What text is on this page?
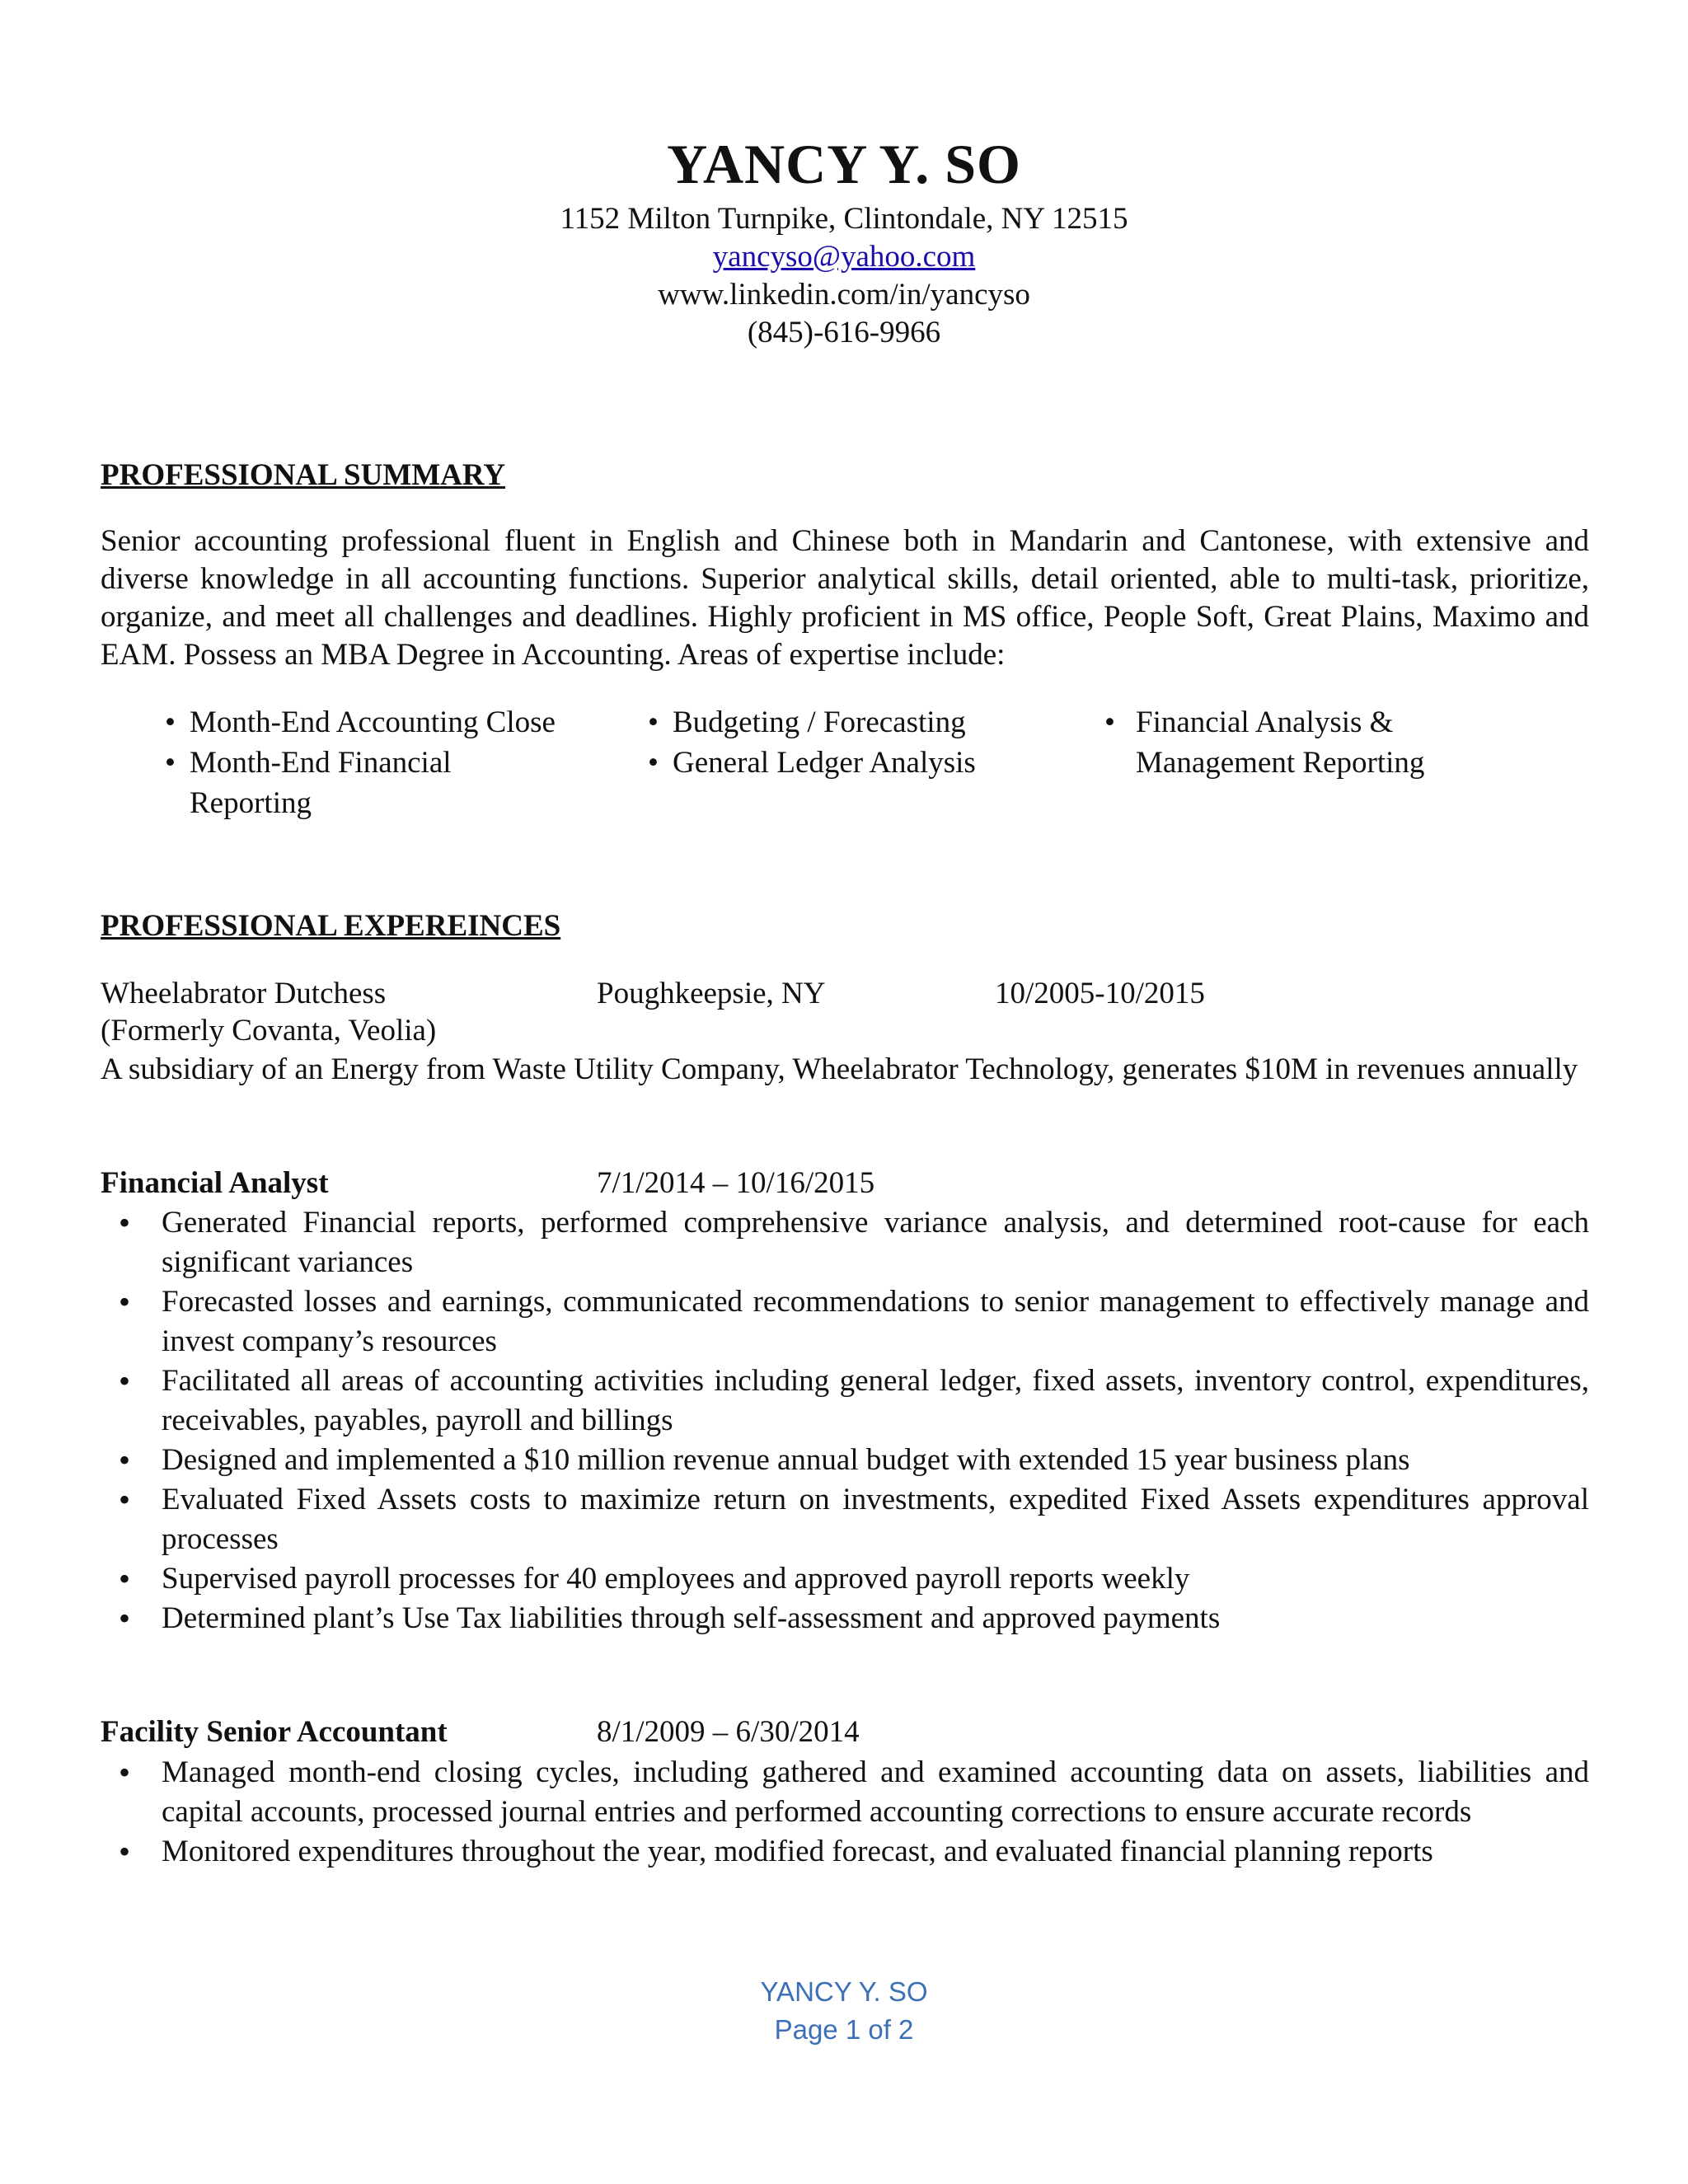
YANCY Y. SO
1152 Milton Turnpike, Clintondale, NY 12515
yancyso@yahoo.com
www.linkedin.com/in/yancyso
(845)-616-9966
PROFESSIONAL SUMMARY
Senior accounting professional fluent in English and Chinese both in Mandarin and Cantonese, with extensive and diverse knowledge in all accounting functions. Superior analytical skills, detail oriented, able to multi-task, prioritize, organize, and meet all challenges and deadlines. Highly proficient in MS office, People Soft, Great Plains, Maximo and EAM. Possess an MBA Degree in Accounting. Areas of expertise include:
• Month-End Accounting Close
• Month-End Financial Reporting
• Budgeting / Forecasting
• General Ledger Analysis
• Financial Analysis & Management Reporting
PROFESSIONAL EXPEREINCES
Wheelabrator Dutchess	Poughkeepsie, NY	10/2005-10/2015
(Formerly Covanta, Veolia)
A subsidiary of an Energy from Waste Utility Company, Wheelabrator Technology, generates $10M in revenues annually
Financial Analyst	7/1/2014 – 10/16/2015
• Generated Financial reports, performed comprehensive variance analysis, and determined root-cause for each significant variances
• Forecasted losses and earnings, communicated recommendations to senior management to effectively manage and invest company’s resources
• Facilitated all areas of accounting activities including general ledger, fixed assets, inventory control, expenditures, receivables, payables, payroll and billings
• Designed and implemented a $10 million revenue annual budget with extended 15 year business plans
• Evaluated Fixed Assets costs to maximize return on investments, expedited Fixed Assets expenditures approval processes
• Supervised payroll processes for 40 employees and approved payroll reports weekly
• Determined plant’s Use Tax liabilities through self-assessment and approved payments
Facility Senior Accountant	8/1/2009 – 6/30/2014
• Managed month-end closing cycles, including gathered and examined accounting data on assets, liabilities and capital accounts, processed journal entries and performed accounting corrections to ensure accurate records
• Monitored expenditures throughout the year, modified forecast, and evaluated financial planning reports
YANCY Y. SO
Page 1 of 2
